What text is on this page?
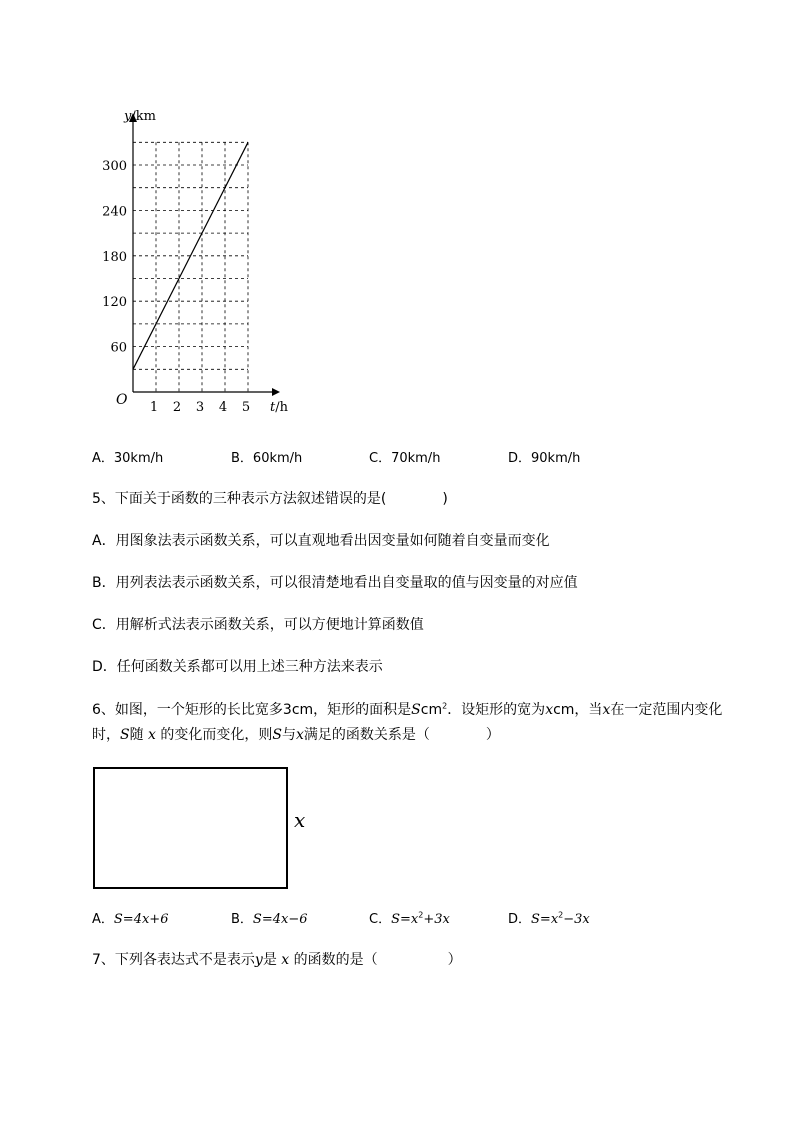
60
120
180
240
300
1 2 3 4 5
y/km
t/h
O
A．30km/h	B．60km/h	C．70km/h	D．90km/h
5、下面关于函数的三种表示方法叙述错误的是(　　　　)
A．用图象法表示函数关系，可以直观地看出因变量如何随着自变量而变化
B．用列表法表示函数关系，可以很清楚地看出自变量取的值与因变量的对应值
C．用解析式法表示函数关系，可以方便地计算函数值
D．任何函数关系都可以用上述三种方法来表示
6、如图，一个矩形的长比宽多3cm，矩形的面积是Scm$^2$．设矩形的宽为xcm，当x在一定范围内变化
时，S随 x 的变化而变化，则S与x满足的函数关系是（　　　　）
x
A．S=4x+6	B．S=4x−6	C．$S=x^2+3x$	D．$S=x^2-3x$
7、下列各表达式不是表示y是 x 的函数的是（　　　　　）
